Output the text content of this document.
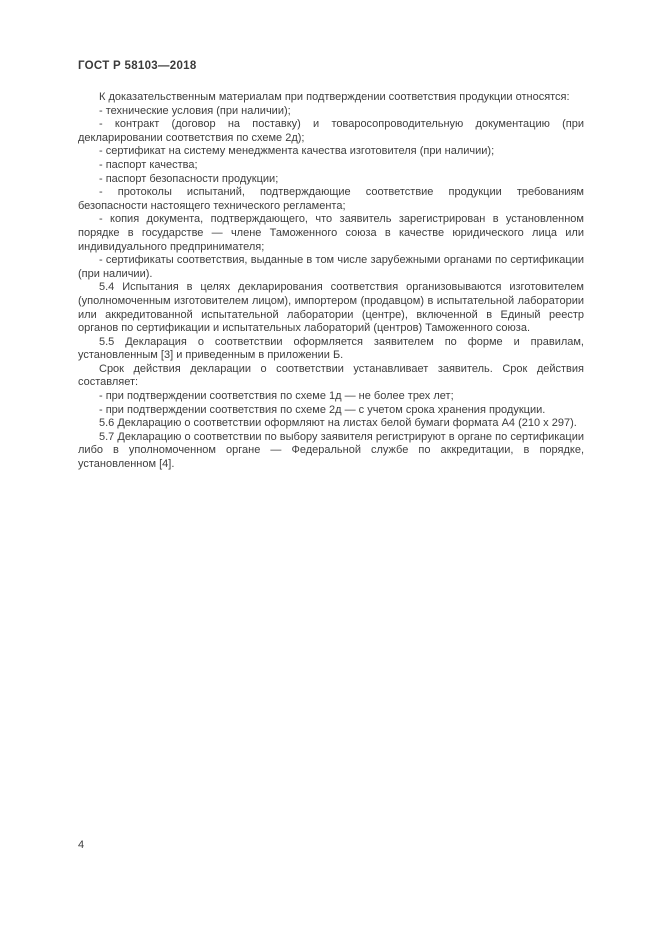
ГОСТ Р 58103—2018

К доказательственным материалам при подтверждении соответствия продукции относятся:

- технические условия (при наличии);

- контракт (договор на поставку) и товаросопроводительную документацию (при декларировании соответствия по схеме 2д);

- сертификат на систему менеджмента качества изготовителя (при наличии);

- паспорт качества;

- паспорт безопасности продукции;

- протоколы испытаний, подтверждающие соответствие продукции требованиям безопасности настоящего технического регламента;

- копия документа, подтверждающего, что заявитель зарегистрирован в установленном порядке в государстве — члене Таможенного союза в качестве юридического лица или индивидуального предпринимателя;

- сертификаты соответствия, выданные в том числе зарубежными органами по сертификации (при наличии).

5.4 Испытания в целях декларирования соответствия организовываются изготовителем (уполномоченным изготовителем лицом), импортером (продавцом) в испытательной лаборатории или аккредитованной испытательной лаборатории (центре), включенной в Единый реестр органов по сертификации и испытательных лабораторий (центров) Таможенного союза.

5.5 Декларация о соответствии оформляется заявителем по форме и правилам, установленным [3] и приведенным в приложении Б.

Срок действия декларации о соответствии устанавливает заявитель. Срок действия составляет:

- при подтверждении соответствия по схеме 1д — не более трех лет;

- при подтверждении соответствия по схеме 2д — с учетом срока хранения продукции.

5.6 Декларацию о соответствии оформляют на листах белой бумаги формата А4 (210 x 297).

5.7 Декларацию о соответствии по выбору заявителя регистрируют в органе по сертификации либо в уполномоченном органе — Федеральной службе по аккредитации, в порядке, установленном [4].

4
